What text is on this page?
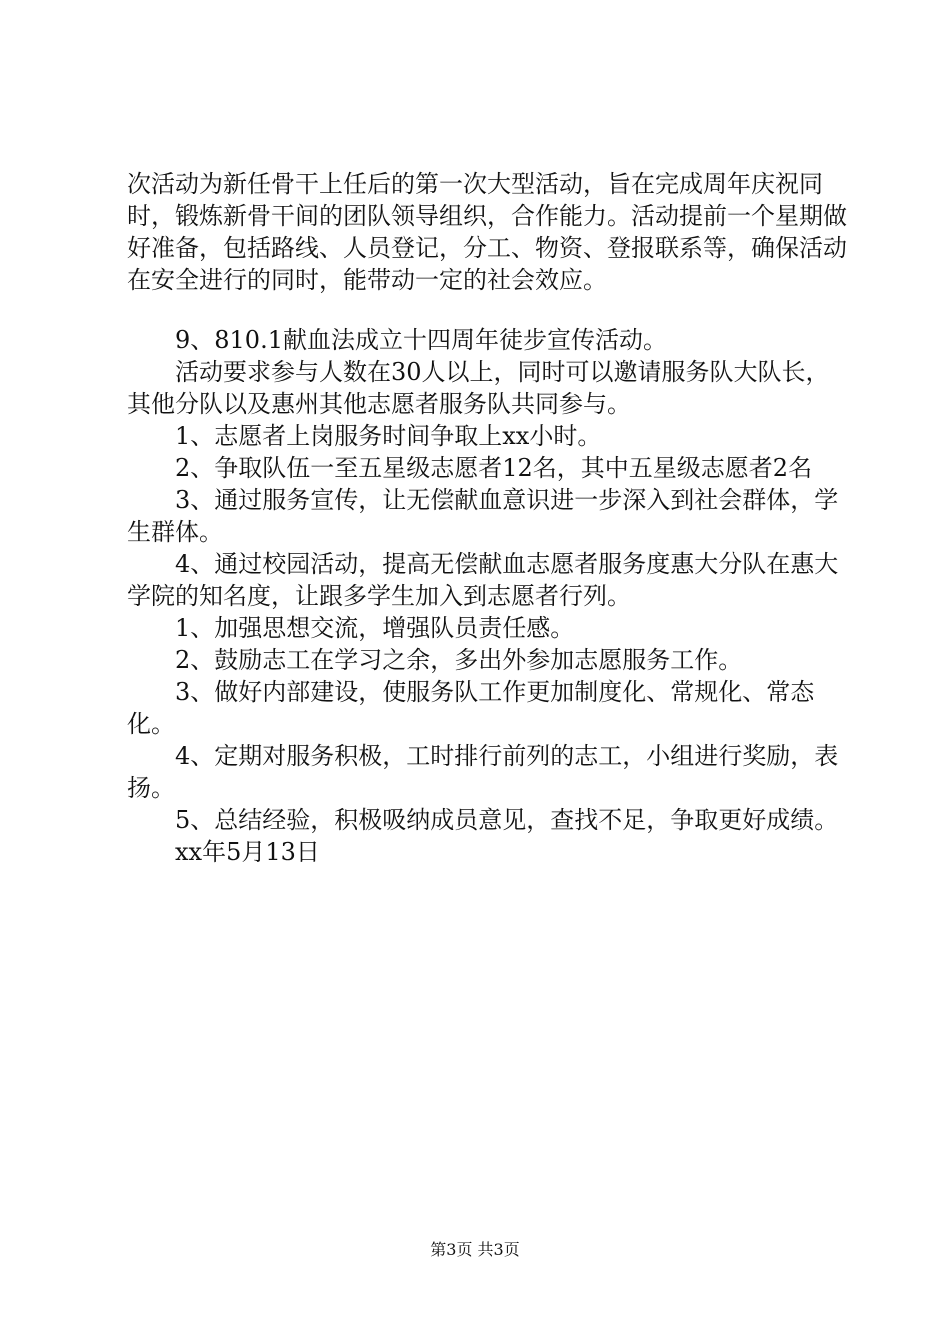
次活动为新任骨干上任后的第一次大型活动，旨在完成周年庆祝同时，锻炼新骨干间的团队领导组织，合作能力。活动提前一个星期做好准备，包括路线、人员登记，分工、物资、登报联系等，确保活动在安全进行的同时，能带动一定的社会效应。

9、810.1献血法成立十四周年徒步宣传活动。

活动要求参与人数在30人以上，同时可以邀请服务队大队长，其他分队以及惠州其他志愿者服务队共同参与。

1、志愿者上岗服务时间争取上xx小时。

2、争取队伍一至五星级志愿者12名，其中五星级志愿者2名

3、通过服务宣传，让无偿献血意识进一步深入到社会群体，学生群体。

4、通过校园活动，提高无偿献血志愿者服务度惠大分队在惠大学院的知名度，让跟多学生加入到志愿者行列。

1、加强思想交流，增强队员责任感。

2、鼓励志工在学习之余，多出外参加志愿服务工作。

3、做好内部建设，使服务队工作更加制度化、常规化、常态化。

4、定期对服务积极，工时排行前列的志工，小组进行奖励，表扬。

5、总结经验，积极吸纳成员意见，查找不足，争取更好成绩。

xx年5月13日

第3页 共3页
